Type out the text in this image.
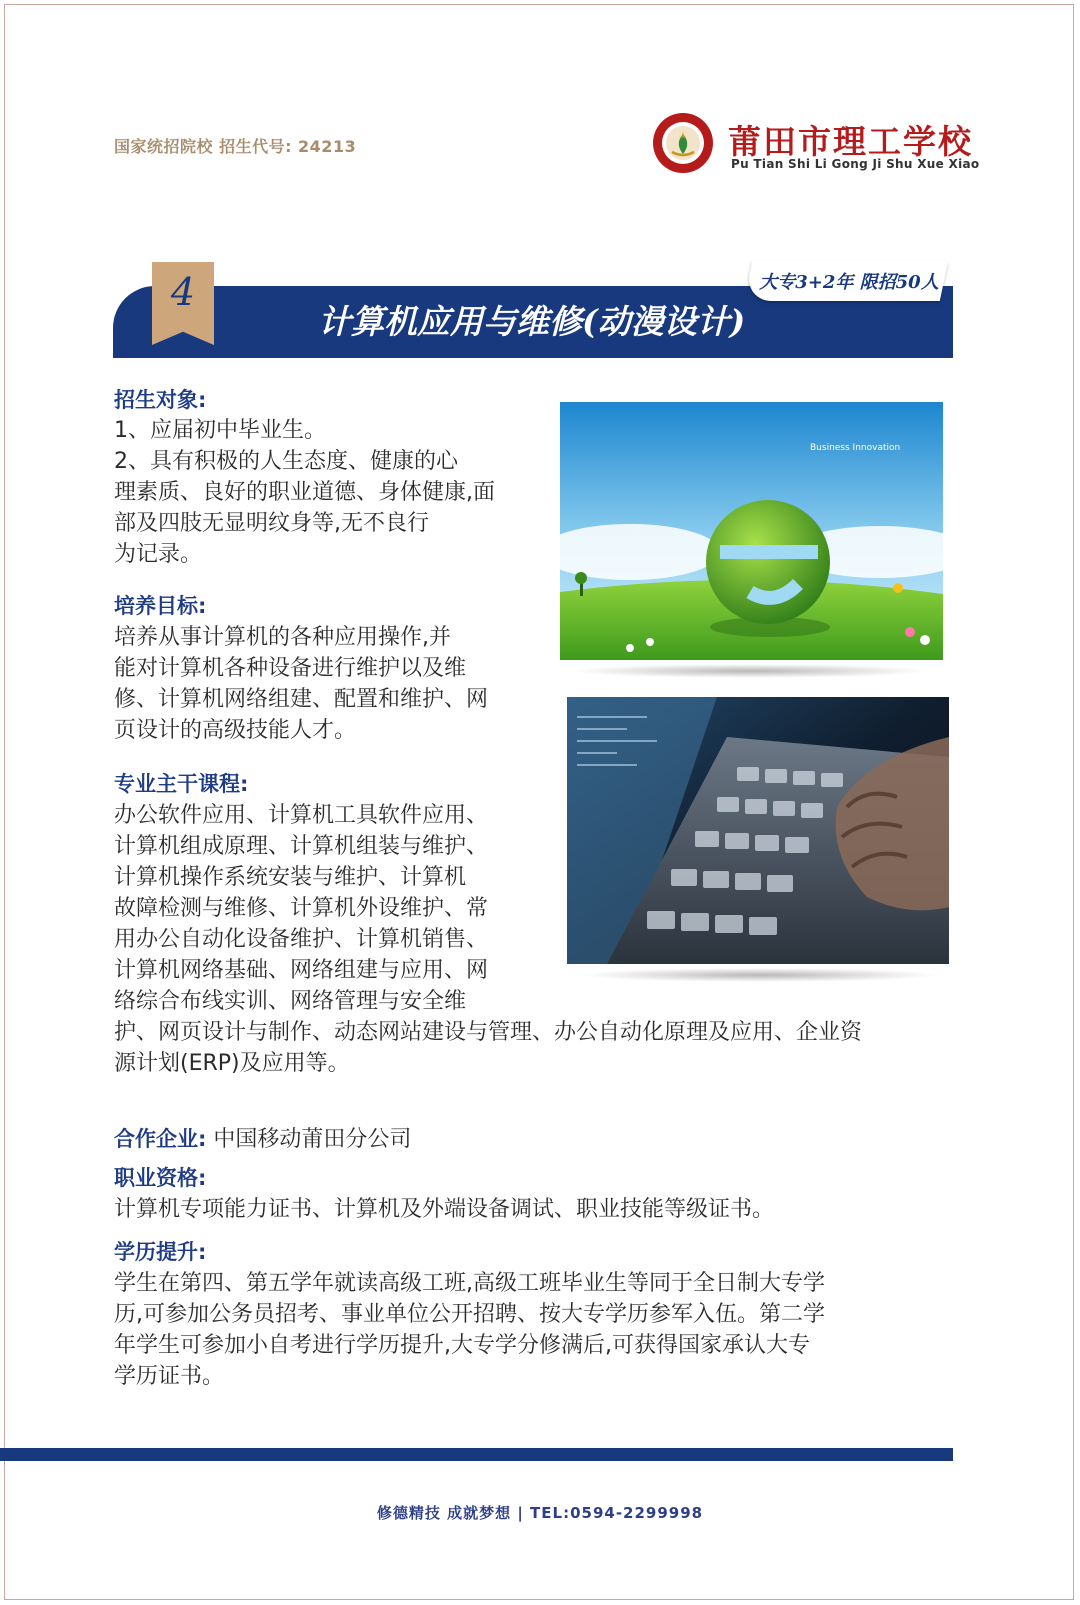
国家统招院校 招生代号: 24213	莆田市理工学校
Pu Tian Shi Li Gong Ji Shu Xue Xiao
4
计算机应用与维修(动漫设计)
大专3+2年 限招50人
招生对象:
1、应届初中毕业生。
2、具有积极的人生态度、健康的心
理素质、良好的职业道德、身体健康,面
部及四肢无显明纹身等,无不良行
为记录。
培养目标:
培养从事计算机的各种应用操作,并
能对计算机各种设备进行维护以及维
修、计算机网络组建、配置和维护、网
页设计的高级技能人才。
专业主干课程:
办公软件应用、计算机工具软件应用、
计算机组成原理、计算机组装与维护、
计算机操作系统安装与维护、计算机
故障检测与维修、计算机外设维护、常
用办公自动化设备维护、计算机销售、
计算机网络基础、网络组建与应用、网
络综合布线实训、网络管理与安全维
护、网页设计与制作、动态网站建设与管理、办公自动化原理及应用、企业资
源计划(ERP)及应用等。
合作企业: 中国移动莆田分公司
职业资格:
计算机专项能力证书、计算机及外端设备调试、职业技能等级证书。
学历提升:
学生在第四、第五学年就读高级工班,高级工班毕业生等同于全日制大专学
历,可参加公务员招考、事业单位公开招聘、按大专学历参军入伍。第二学
年学生可参加小自考进行学历提升,大专学分修满后,可获得国家承认大专
学历证书。
Business Innovation
修德精技 成就梦想 | TEL:0594-2299998
